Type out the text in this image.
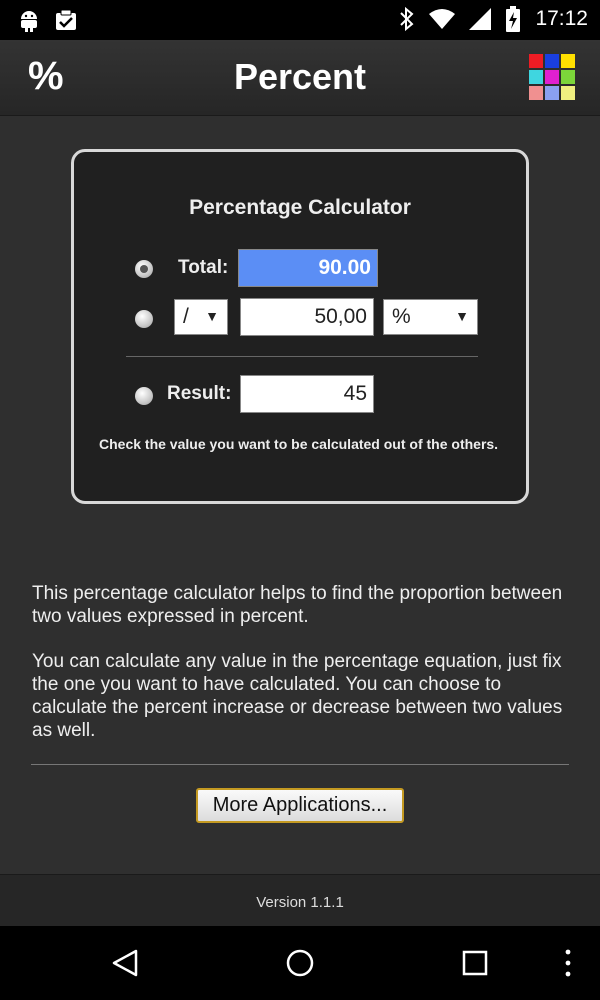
17:12
%	Percent
Percentage Calculator
Total:	90.00
/ ▼	50,00	%	▼
Result:	45
Check the value you want to be calculated out of the others.
This percentage calculator helps to find the proportion between two values expressed in percent.
You can calculate any value in the percentage equation, just fix the one you want to have calculated. You can choose to calculate the percent increase or decrease between two values as well.
More Applications...
Version 1.1.1
